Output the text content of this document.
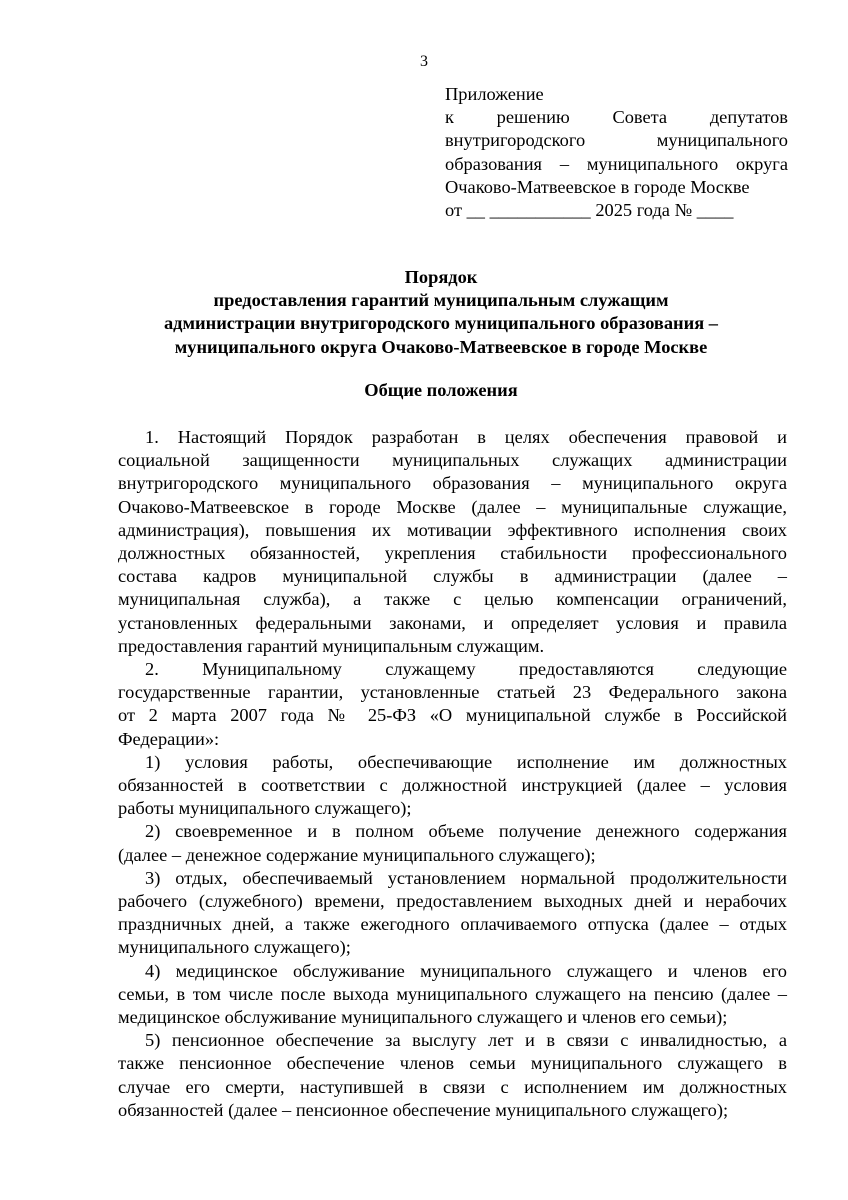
3
Приложение
к решению Совета депутатов
внутригородского муниципального
образования – муниципального округа
Очаково-Матвеевское в городе Москве
от __ ___________ 2025 года № ____
Порядок
предоставления гарантий муниципальным служащим
администрации внутригородского муниципального образования –
муниципального округа Очаково-Матвеевское в городе Москве
Общие положения
1. Настоящий Порядок разработан в целях обеспечения правовой и
социальной защищенности муниципальных служащих администрации
внутригородского муниципального образования – муниципального округа
Очаково-Матвеевское в городе Москве (далее – муниципальные служащие,
администрация), повышения их мотивации эффективного исполнения своих
должностных обязанностей, укрепления стабильности профессионального
состава кадров муниципальной службы в администрации (далее –
муниципальная служба), а также с целью компенсации ограничений,
установленных федеральными законами, и определяет условия и правила
предоставления гарантий муниципальным служащим.
2. Муниципальному служащему предоставляются следующие
государственные гарантии, установленные статьей 23 Федерального закона
от 2 марта 2007 года № 25-ФЗ «О муниципальной службе в Российской
Федерации»:
1) условия работы, обеспечивающие исполнение им должностных
обязанностей в соответствии с должностной инструкцией (далее – условия
работы муниципального служащего);
2) своевременное и в полном объеме получение денежного содержания
(далее – денежное содержание муниципального служащего);
3) отдых, обеспечиваемый установлением нормальной продолжительности
рабочего (служебного) времени, предоставлением выходных дней и нерабочих
праздничных дней, а также ежегодного оплачиваемого отпуска (далее – отдых
муниципального служащего);
4) медицинское обслуживание муниципального служащего и членов его
семьи, в том числе после выхода муниципального служащего на пенсию (далее –
медицинское обслуживание муниципального служащего и членов его семьи);
5) пенсионное обеспечение за выслугу лет и в связи с инвалидностью, а
также пенсионное обеспечение членов семьи муниципального служащего в
случае его смерти, наступившей в связи с исполнением им должностных
обязанностей (далее – пенсионное обеспечение муниципального служащего);
